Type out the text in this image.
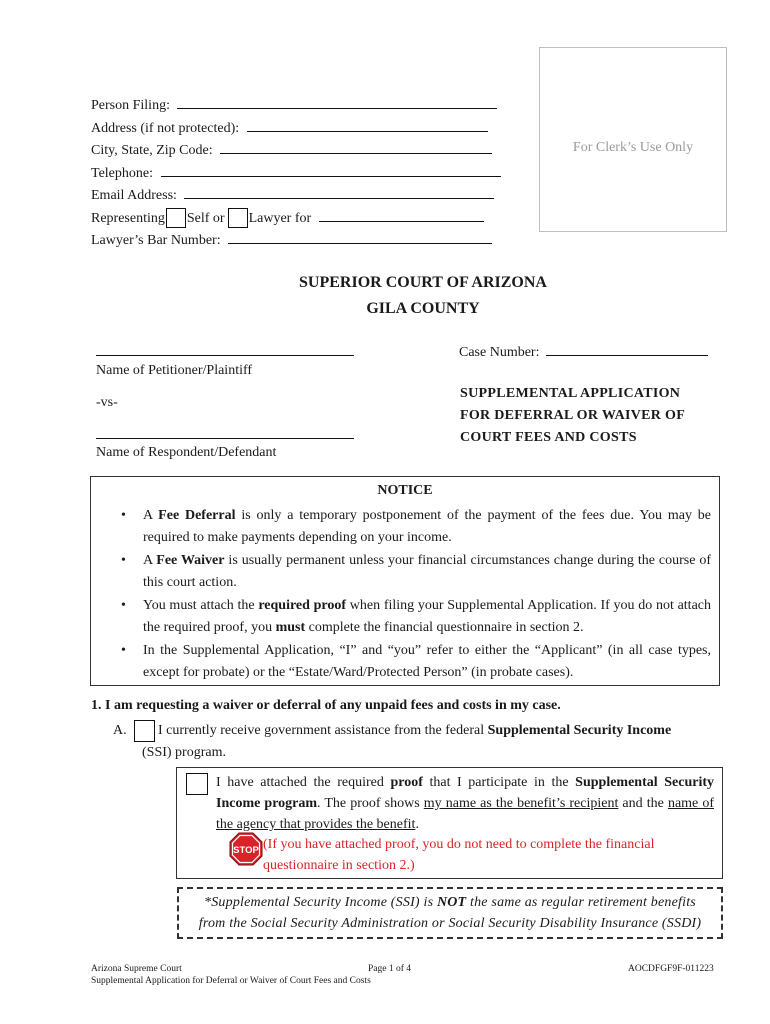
For Clerk’s Use Only
Person Filing:
Address (if not protected):
City, State, Zip Code:
Telephone:
Email Address:
Representing Self or Lawyer for
Lawyer’s Bar Number:
SUPERIOR COURT OF ARIZONA
GILA COUNTY
Name of Petitioner/Plaintiff
-vs-
Name of Respondent/Defendant
Case Number:
SUPPLEMENTAL APPLICATION
FOR DEFERRAL OR WAIVER OF
COURT FEES AND COSTS
NOTICE
• A Fee Deferral is only a temporary postponement of the payment of the fees due. You may be required to make payments depending on your income.
• A Fee Waiver is usually permanent unless your financial circumstances change during the course of this court action.
• You must attach the required proof when filing your Supplemental Application. If you do not attach the required proof, you must complete the financial questionnaire in section 2.
• In the Supplemental Application, “I” and “you” refer to either the “Applicant” (in all case types, except for probate) or the “Estate/Ward/Protected Person” (in probate cases).
1. I am requesting a waiver or deferral of any unpaid fees and costs in my case.
A. I currently receive government assistance from the federal Supplemental Security Income
(SSI) program.
I have attached the required proof that I participate in the Supplemental Security Income program. The proof shows my name as the benefit’s recipient and the name of the agency that provides the benefit.
STOP (If you have attached proof, you do not need to complete the financial questionnaire in section 2.)
*Supplemental Security Income (SSI) is NOT the same as regular retirement benefits
from the Social Security Administration or Social Security Disability Insurance (SSDI)
Arizona Supreme Court
Supplemental Application for Deferral or Waiver of Court Fees and Costs
Page 1 of 4	AOCDFGF9F-011223
